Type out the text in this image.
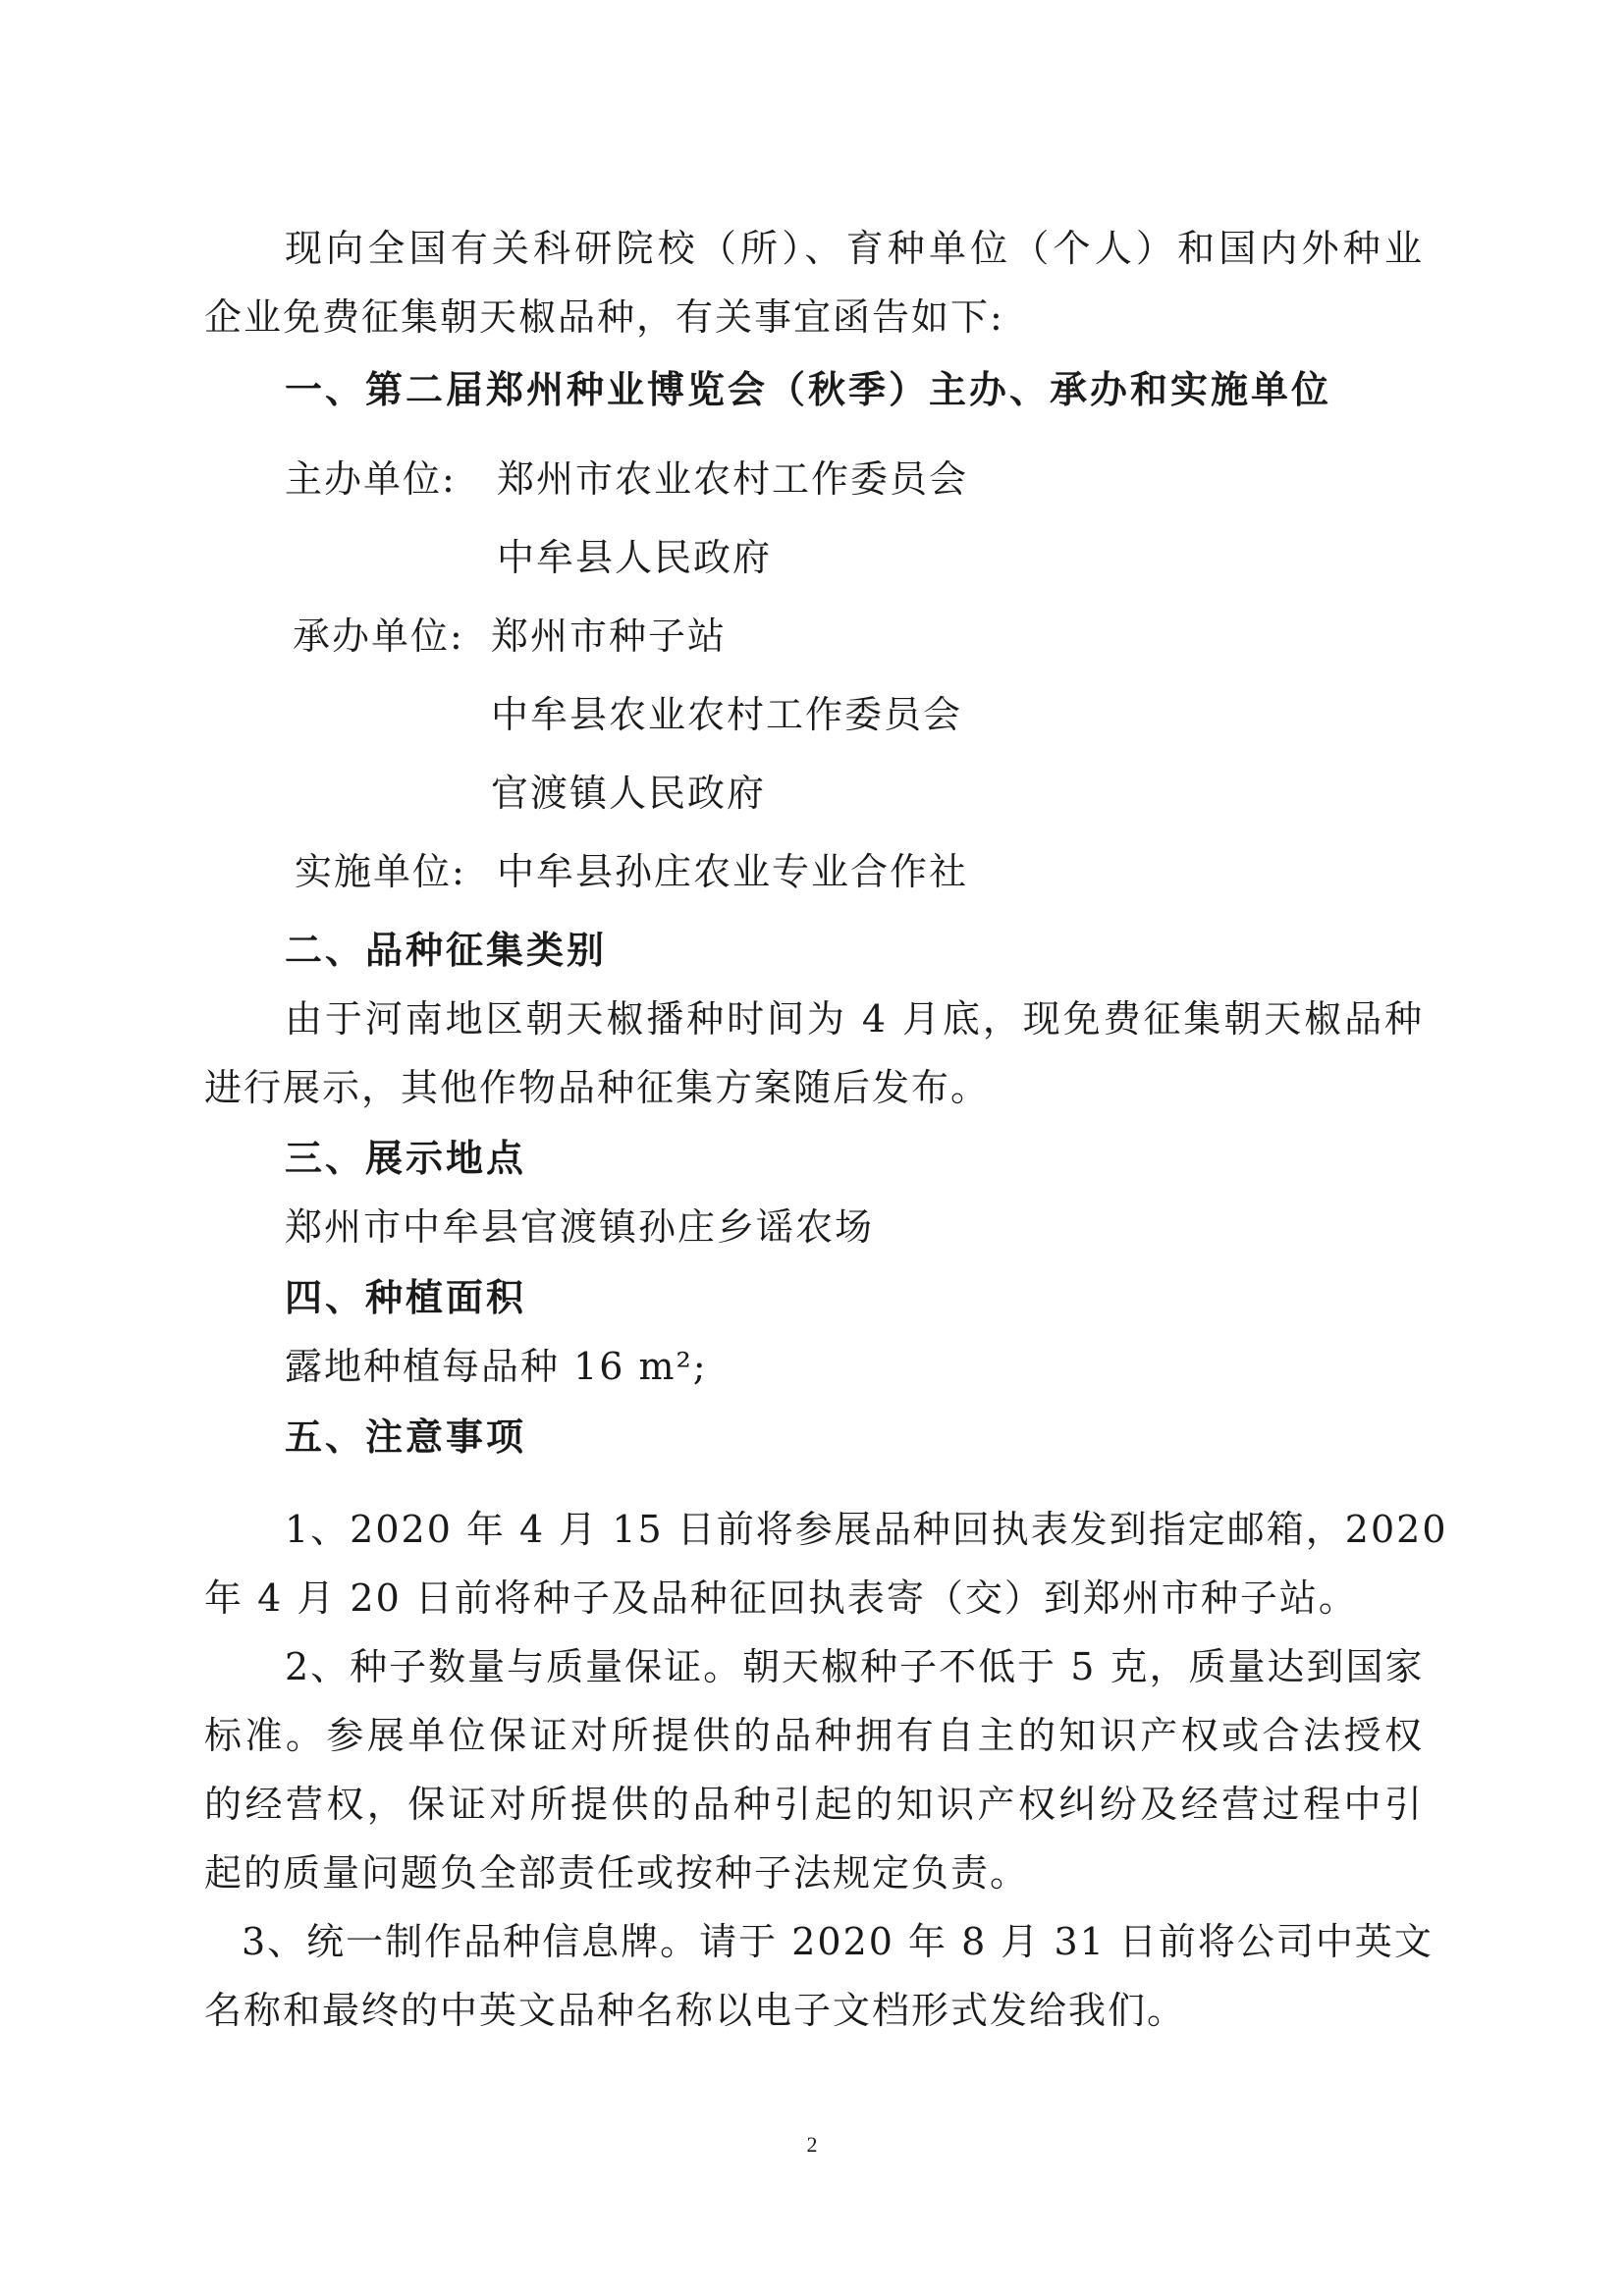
现向全国有关科研院校（所）、育种单位（个人）和国内外种业
企业免费征集朝天椒品种，有关事宜函告如下:
一、第二届郑州种业博览会（秋季）主办、承办和实施单位
主办单位: 郑州市农业农村工作委员会
中牟县人民政府
承办单位: 郑州市种子站
中牟县农业农村工作委员会
官渡镇人民政府
实施单位: 中牟县孙庄农业专业合作社
二、品种征集类别
由于河南地区朝天椒播种时间为 4 月底，现免费征集朝天椒品种
进行展示，其他作物品种征集方案随后发布。
三、展示地点
郑州市中牟县官渡镇孙庄乡谣农场
四、种植面积
露地种植每品种 16 m²;
五、注意事项
1、2020 年 4 月 15 日前将参展品种回执表发到指定邮箱，2020
年 4 月 20 日前将种子及品种征回执表寄（交）到郑州市种子站。
2、种子数量与质量保证。朝天椒种子不低于 5 克，质量达到国家
标准。参展单位保证对所提供的品种拥有自主的知识产权或合法授权
的经营权，保证对所提供的品种引起的知识产权纠纷及经营过程中引
起的质量问题负全部责任或按种子法规定负责。
3、统一制作品种信息牌。请于 2020 年 8 月 31 日前将公司中英文
名称和最终的中英文品种名称以电子文档形式发给我们。
2
